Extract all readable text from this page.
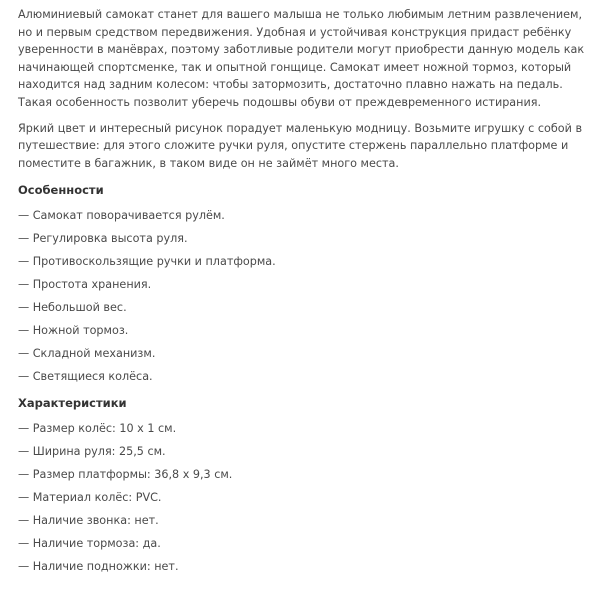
Алюминиевый самокат станет для вашего малыша не только любимым летним развлечением, но и первым средством передвижения. Удобная и устойчивая конструкция придаст ребёнку уверенности в манёврах, поэтому заботливые родители могут приобрести данную модель как начинающей спортсменке, так и опытной гонщице. Самокат имеет ножной тормоз, который находится над задним колесом: чтобы затормозить, достаточно плавно нажать на педаль. Такая особенность позволит уберечь подошвы обуви от преждевременного истирания.

Яркий цвет и интересный рисунок порадует маленькую модницу. Возьмите игрушку с собой в путешествие: для этого сложите ручки руля, опустите стержень параллельно платформе и поместите в багажник, в таком виде он не займёт много места.

Особенности
— Самокат поворачивается рулём.
— Регулировка высота руля.
— Противоскользящие ручки и платформа.
— Простота хранения.
— Небольшой вес.
— Ножной тормоз.
— Складной механизм.
— Светящиеся колёса.
Характеристики
— Размер колёс: 10 х 1 см.
— Ширина руля: 25,5 см.
— Размер платформы: 36,8 х 9,3 см.
— Материал колёс: PVC.
— Наличие звонка: нет.
— Наличие тормоза: да.
— Наличие подножки: нет.
